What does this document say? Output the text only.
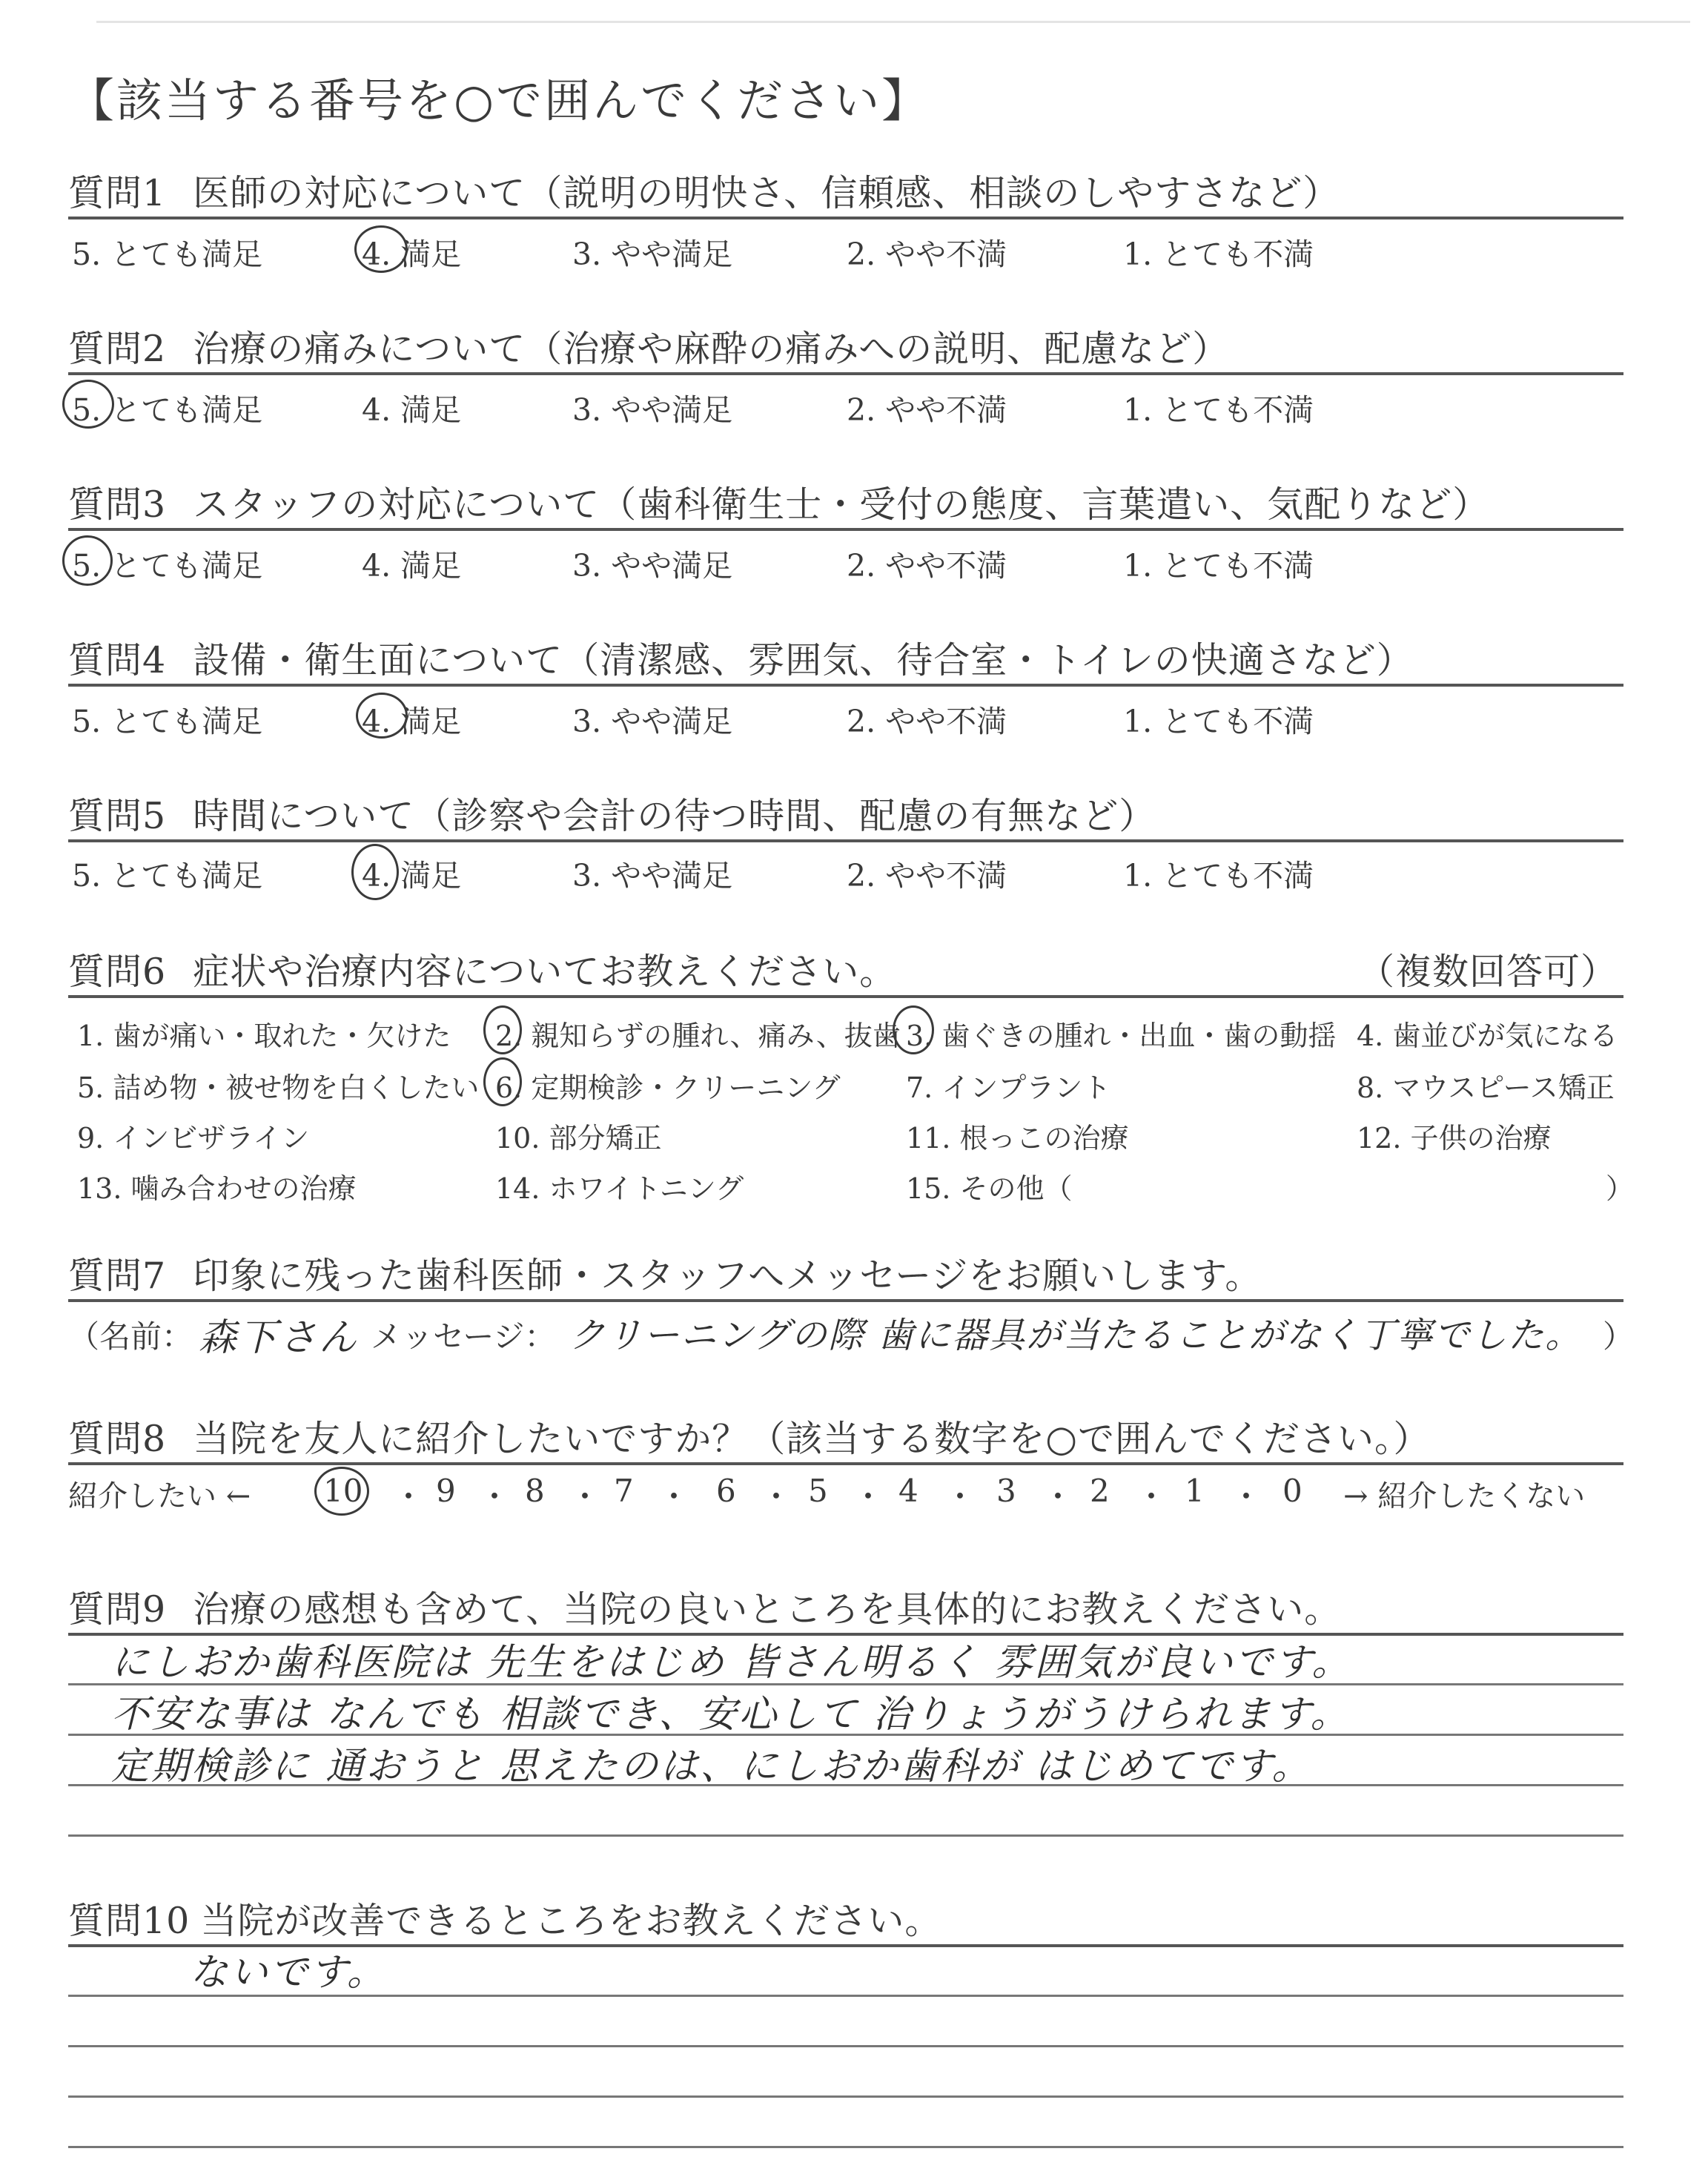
【該当する番号を○で囲んでください】
質問1 医師の対応について（説明の明快さ、信頼感、相談のしやすさなど）
5. とても満足	4. 満足	3. やや満足	2. やや不満	1. とても不満
質問2 治療の痛みについて（治療や麻酔の痛みへの説明、配慮など）
5. とても満足	4. 満足	3. やや満足	2. やや不満	1. とても不満
質問3 スタッフの対応について（歯科衛生士・受付の態度、言葉遣い、気配りなど）
5. とても満足	4. 満足	3. やや満足	2. やや不満	1. とても不満
質問4 設備・衛生面について（清潔感、雰囲気、待合室・トイレの快適さなど）
5. とても満足	4. 満足	3. やや満足	2. やや不満	1. とても不満
質問5 時間について（診察や会計の待つ時間、配慮の有無など）
5. とても満足	4. 満足	3. やや満足	2. やや不満	1. とても不満
質問6 症状や治療内容についてお教えください。	（複数回答可）
1. 歯が痛い・取れた・欠けた 2. 親知らずの腫れ、痛み、抜歯 3. 歯ぐきの腫れ・出血・歯の動揺 4. 歯並びが気になる
5. 詰め物・被せ物を白くしたい 6. 定期検診・クリーニング 7. インプラント	8. マウスピース矯正
9. インビザライン	10. 部分矯正	11. 根っこの治療	12. 子供の治療
13. 噛み合わせの治療	14. ホワイトニング	15. その他（	）
質問7 印象に残った歯科医師・スタッフへメッセージをお願いします。
（名前： 森下さん メッセージ： クリーニングの際 歯に器具が当たることがなく丁寧でした。 ）
質問8 当院を友人に紹介したいですか？（該当する数字を○で囲んでください。）
紹介したい ←	→ 紹介したくない
10 ・ 9 ・ 8 ・ 7 ・ 6 ・ 5 ・ 4 ・ 3 ・ 2 ・ 1 ・ 0
質問9 治療の感想も含めて、当院の良いところを具体的にお教えください。
にしおか歯科医院は 先生をはじめ 皆さん明るく 雰囲気が良いです。
不安な事は なんでも 相談でき、安心して 治りょうがうけられます。
定期検診に 通おうと 思えたのは、にしおか歯科が はじめてです。
質問10 当院が改善できるところをお教えください。
ないです。
